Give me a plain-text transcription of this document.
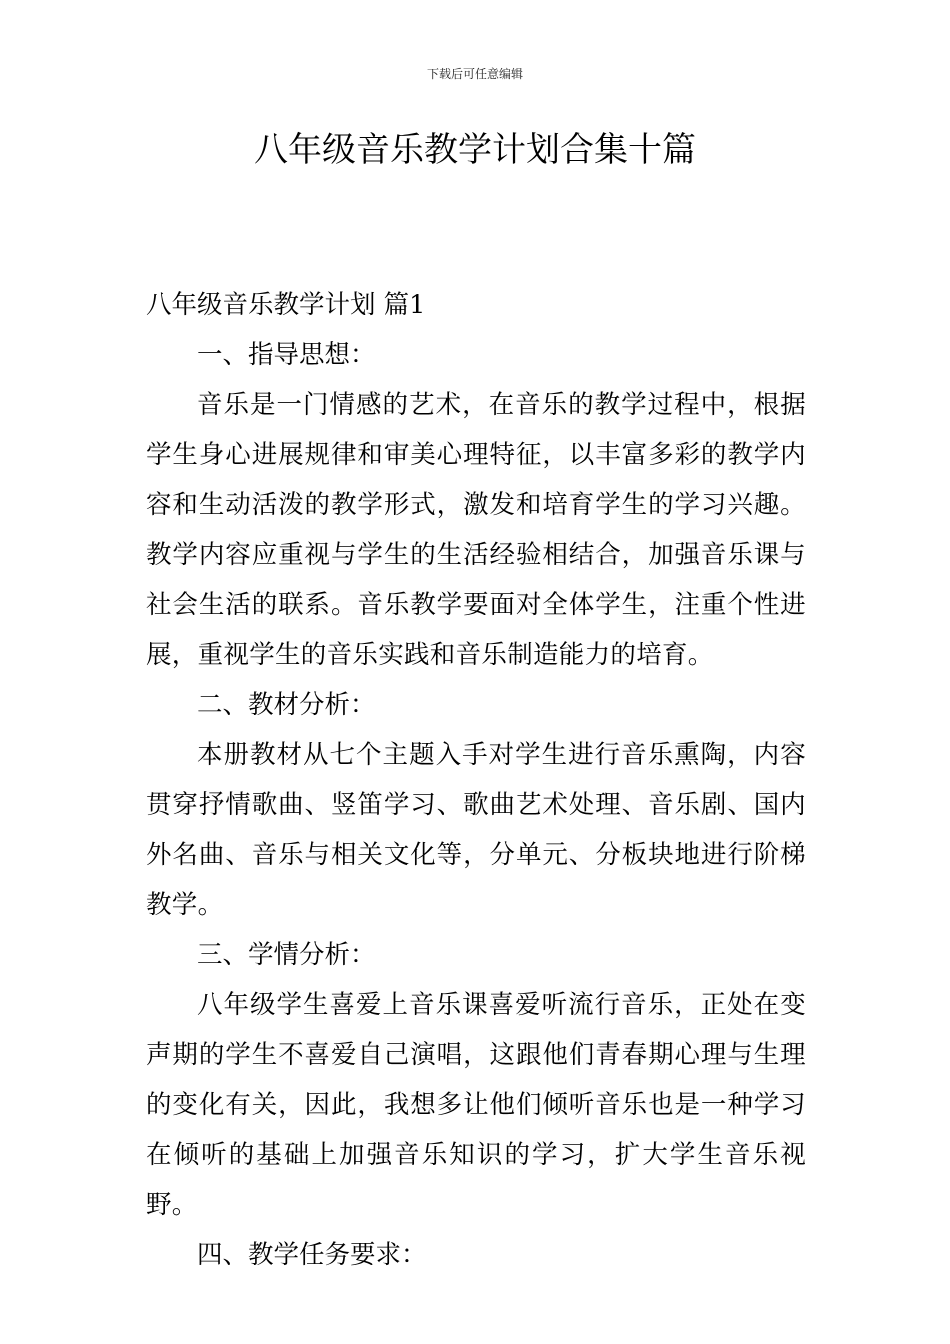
下载后可任意编辑
八年级音乐教学计划合集十篇

八年级音乐教学计划 篇1

一、指导思想：

音乐是一门情感的艺术，在音乐的教学过程中，根据学生身心进展规律和审美心理特征，以丰富多彩的教学内容和生动活泼的教学形式，激发和培育学生的学习兴趣。教学内容应重视与学生的生活经验相结合，加强音乐课与社会生活的联系。音乐教学要面对全体学生，注重个性进展，重视学生的音乐实践和音乐制造能力的培育。

二、教材分析：

本册教材从七个主题入手对学生进行音乐熏陶，内容贯穿抒情歌曲、竖笛学习、歌曲艺术处理、音乐剧、国内外名曲、音乐与相关文化等，分单元、分板块地进行阶梯教学。

三、学情分析：

八年级学生喜爱上音乐课喜爱听流行音乐，正处在变声期的学生不喜爱自己演唱，这跟他们青春期心理与生理的变化有关，因此，我想多让他们倾听音乐也是一种学习在倾听的基础上加强音乐知识的学习，扩大学生音乐视野。

四、教学任务要求：
